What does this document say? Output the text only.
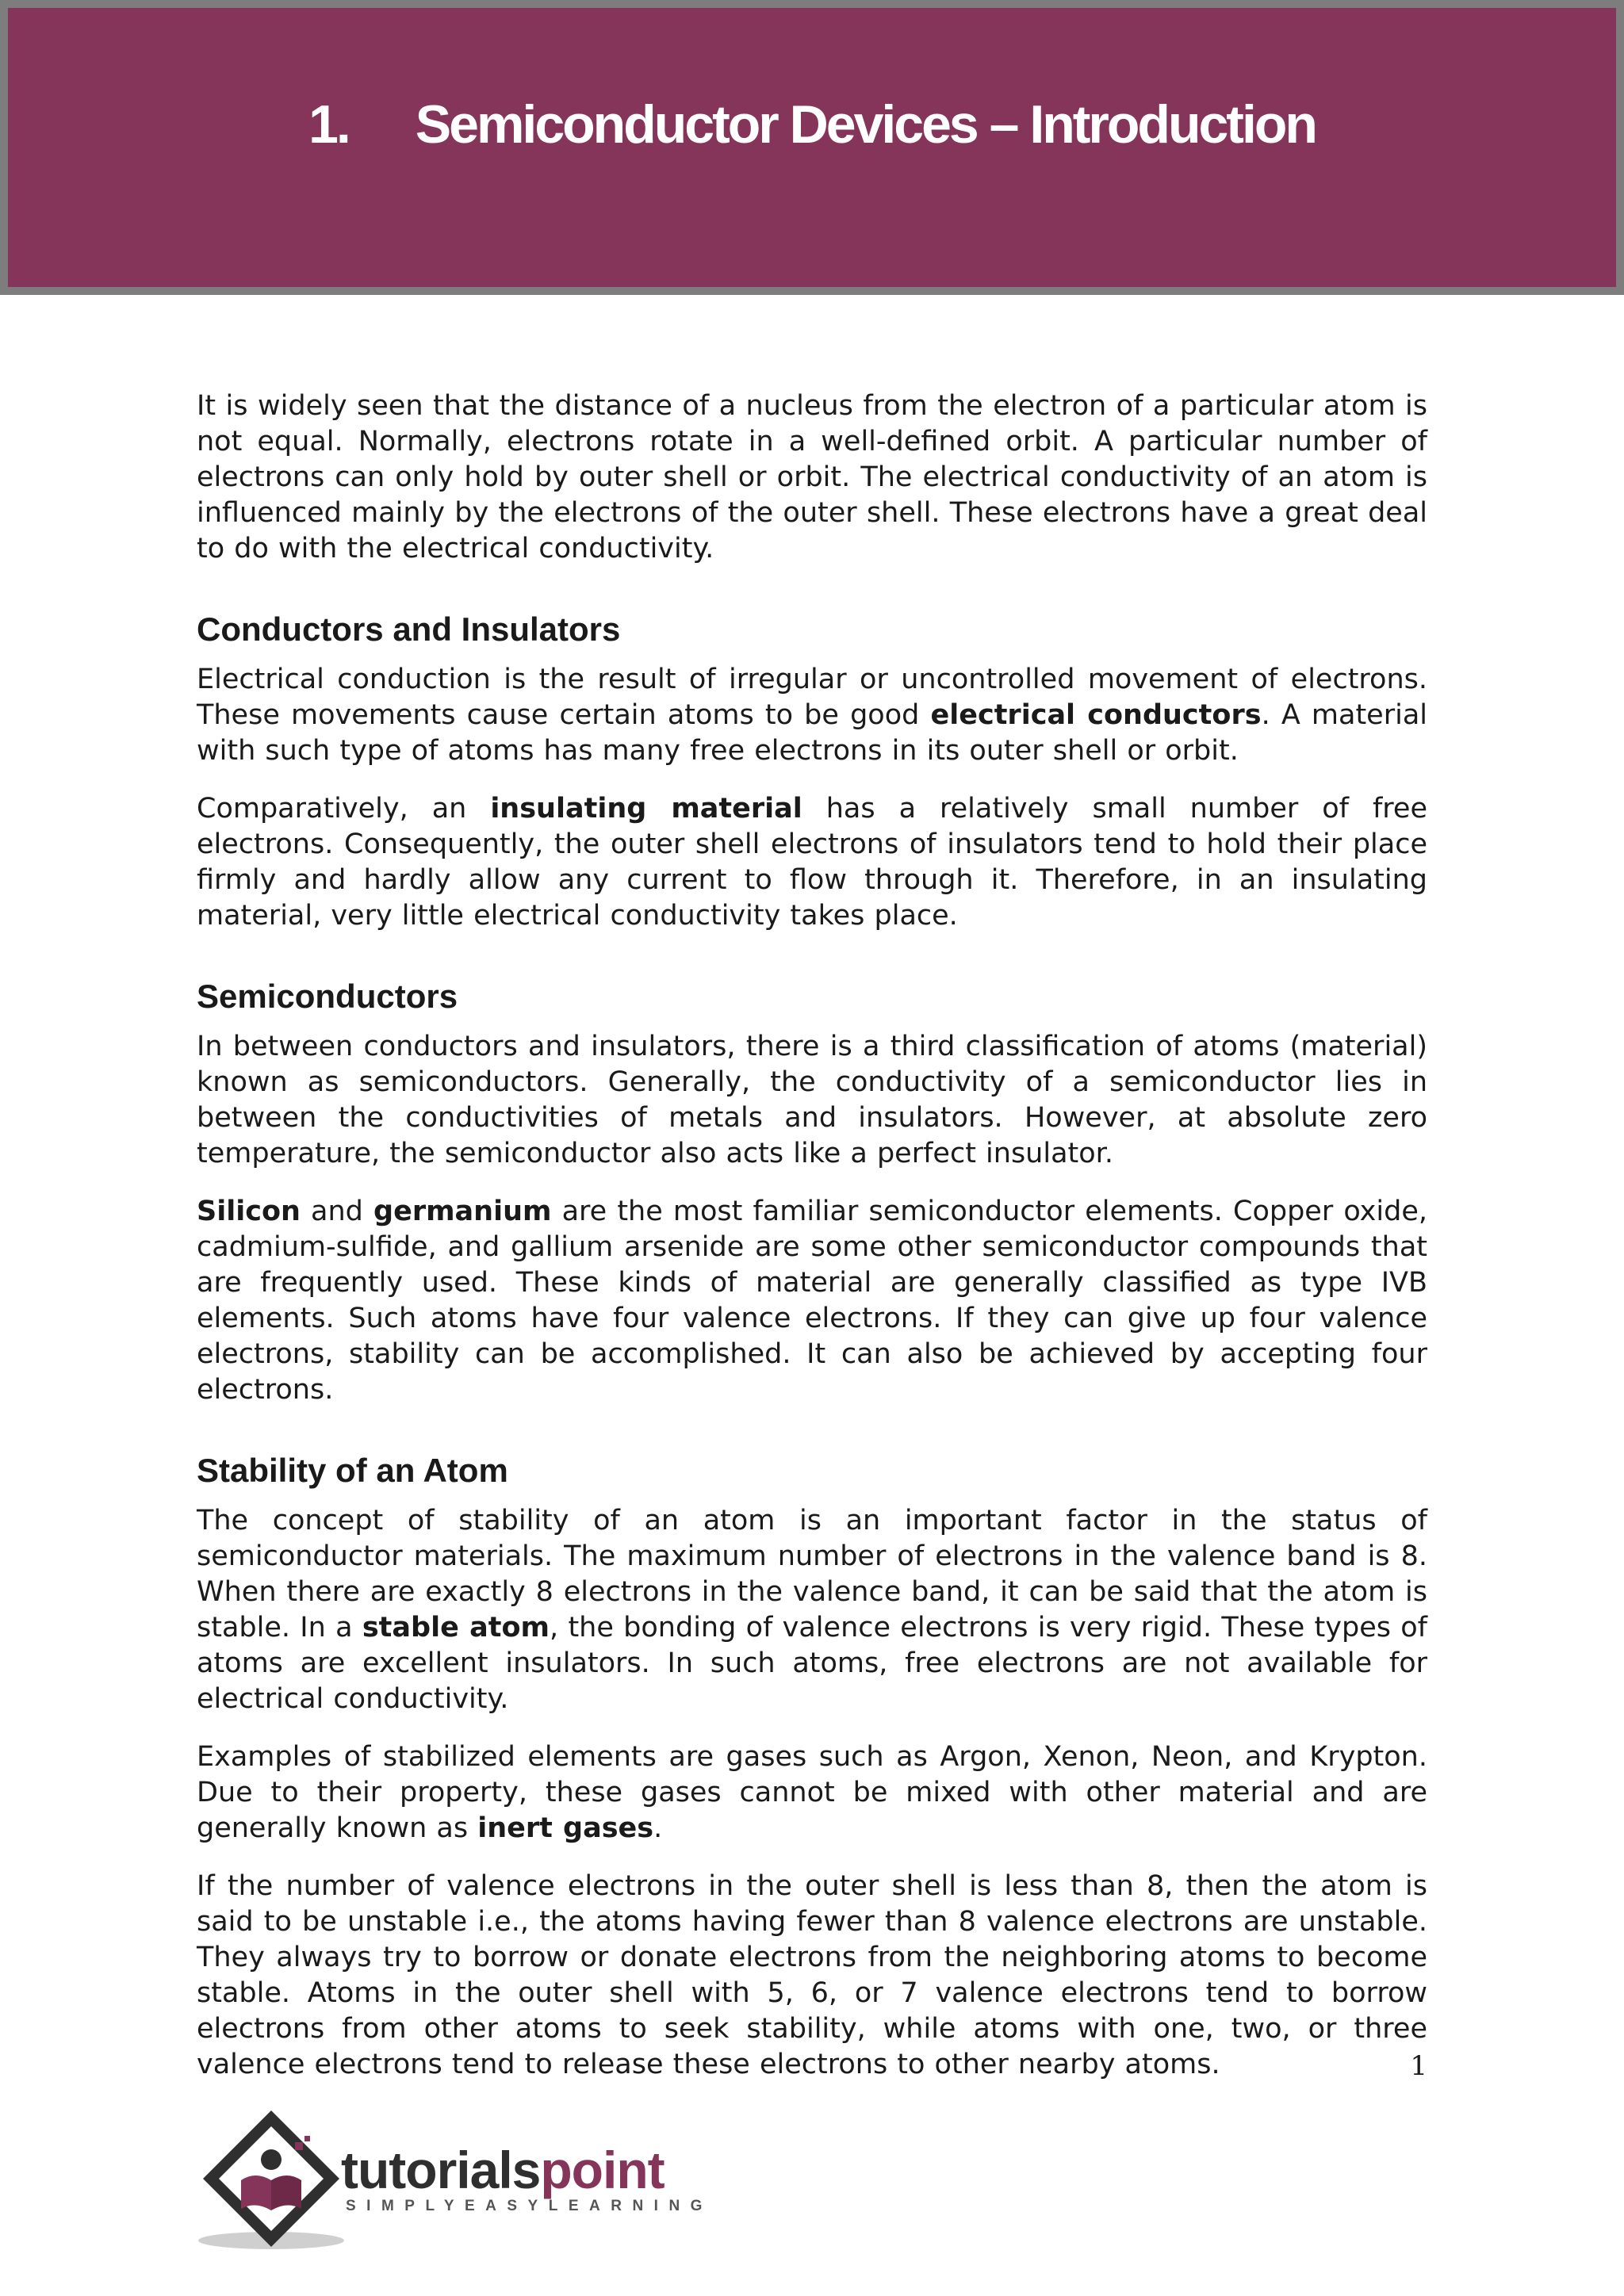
1. Semiconductor Devices – Introduction

It is widely seen that the distance of a nucleus from the electron of a particular atom is not equal. Normally, electrons rotate in a well-defined orbit. A particular number of electrons can only hold by outer shell or orbit. The electrical conductivity of an atom is influenced mainly by the electrons of the outer shell. These electrons have a great deal to do with the electrical conductivity.

Conductors and Insulators

Electrical conduction is the result of irregular or uncontrolled movement of electrons. These movements cause certain atoms to be good electrical conductors. A material with such type of atoms has many free electrons in its outer shell or orbit.

Comparatively, an insulating material has a relatively small number of free electrons. Consequently, the outer shell electrons of insulators tend to hold their place firmly and hardly allow any current to flow through it. Therefore, in an insulating material, very little electrical conductivity takes place.

Semiconductors

In between conductors and insulators, there is a third classification of atoms (material) known as semiconductors. Generally, the conductivity of a semiconductor lies in between the conductivities of metals and insulators. However, at absolute zero temperature, the semiconductor also acts like a perfect insulator.

Silicon and germanium are the most familiar semiconductor elements. Copper oxide, cadmium-sulfide, and gallium arsenide are some other semiconductor compounds that are frequently used. These kinds of material are generally classified as type IVB elements. Such atoms have four valence electrons. If they can give up four valence electrons, stability can be accomplished. It can also be achieved by accepting four electrons.

Stability of an Atom

The concept of stability of an atom is an important factor in the status of semiconductor materials. The maximum number of electrons in the valence band is 8. When there are exactly 8 electrons in the valence band, it can be said that the atom is stable. In a stable atom, the bonding of valence electrons is very rigid. These types of atoms are excellent insulators. In such atoms, free electrons are not available for electrical conductivity.

Examples of stabilized elements are gases such as Argon, Xenon, Neon, and Krypton. Due to their property, these gases cannot be mixed with other material and are generally known as inert gases.

If the number of valence electrons in the outer shell is less than 8, then the atom is said to be unstable i.e., the atoms having fewer than 8 valence electrons are unstable. They always try to borrow or donate electrons from the neighboring atoms to become stable. Atoms in the outer shell with 5, 6, or 7 valence electrons tend to borrow electrons from other atoms to seek stability, while atoms with one, two, or three valence electrons tend to release these electrons to other nearby atoms.	1
tutorialspoint
SIMPLYEASYLEARNING
